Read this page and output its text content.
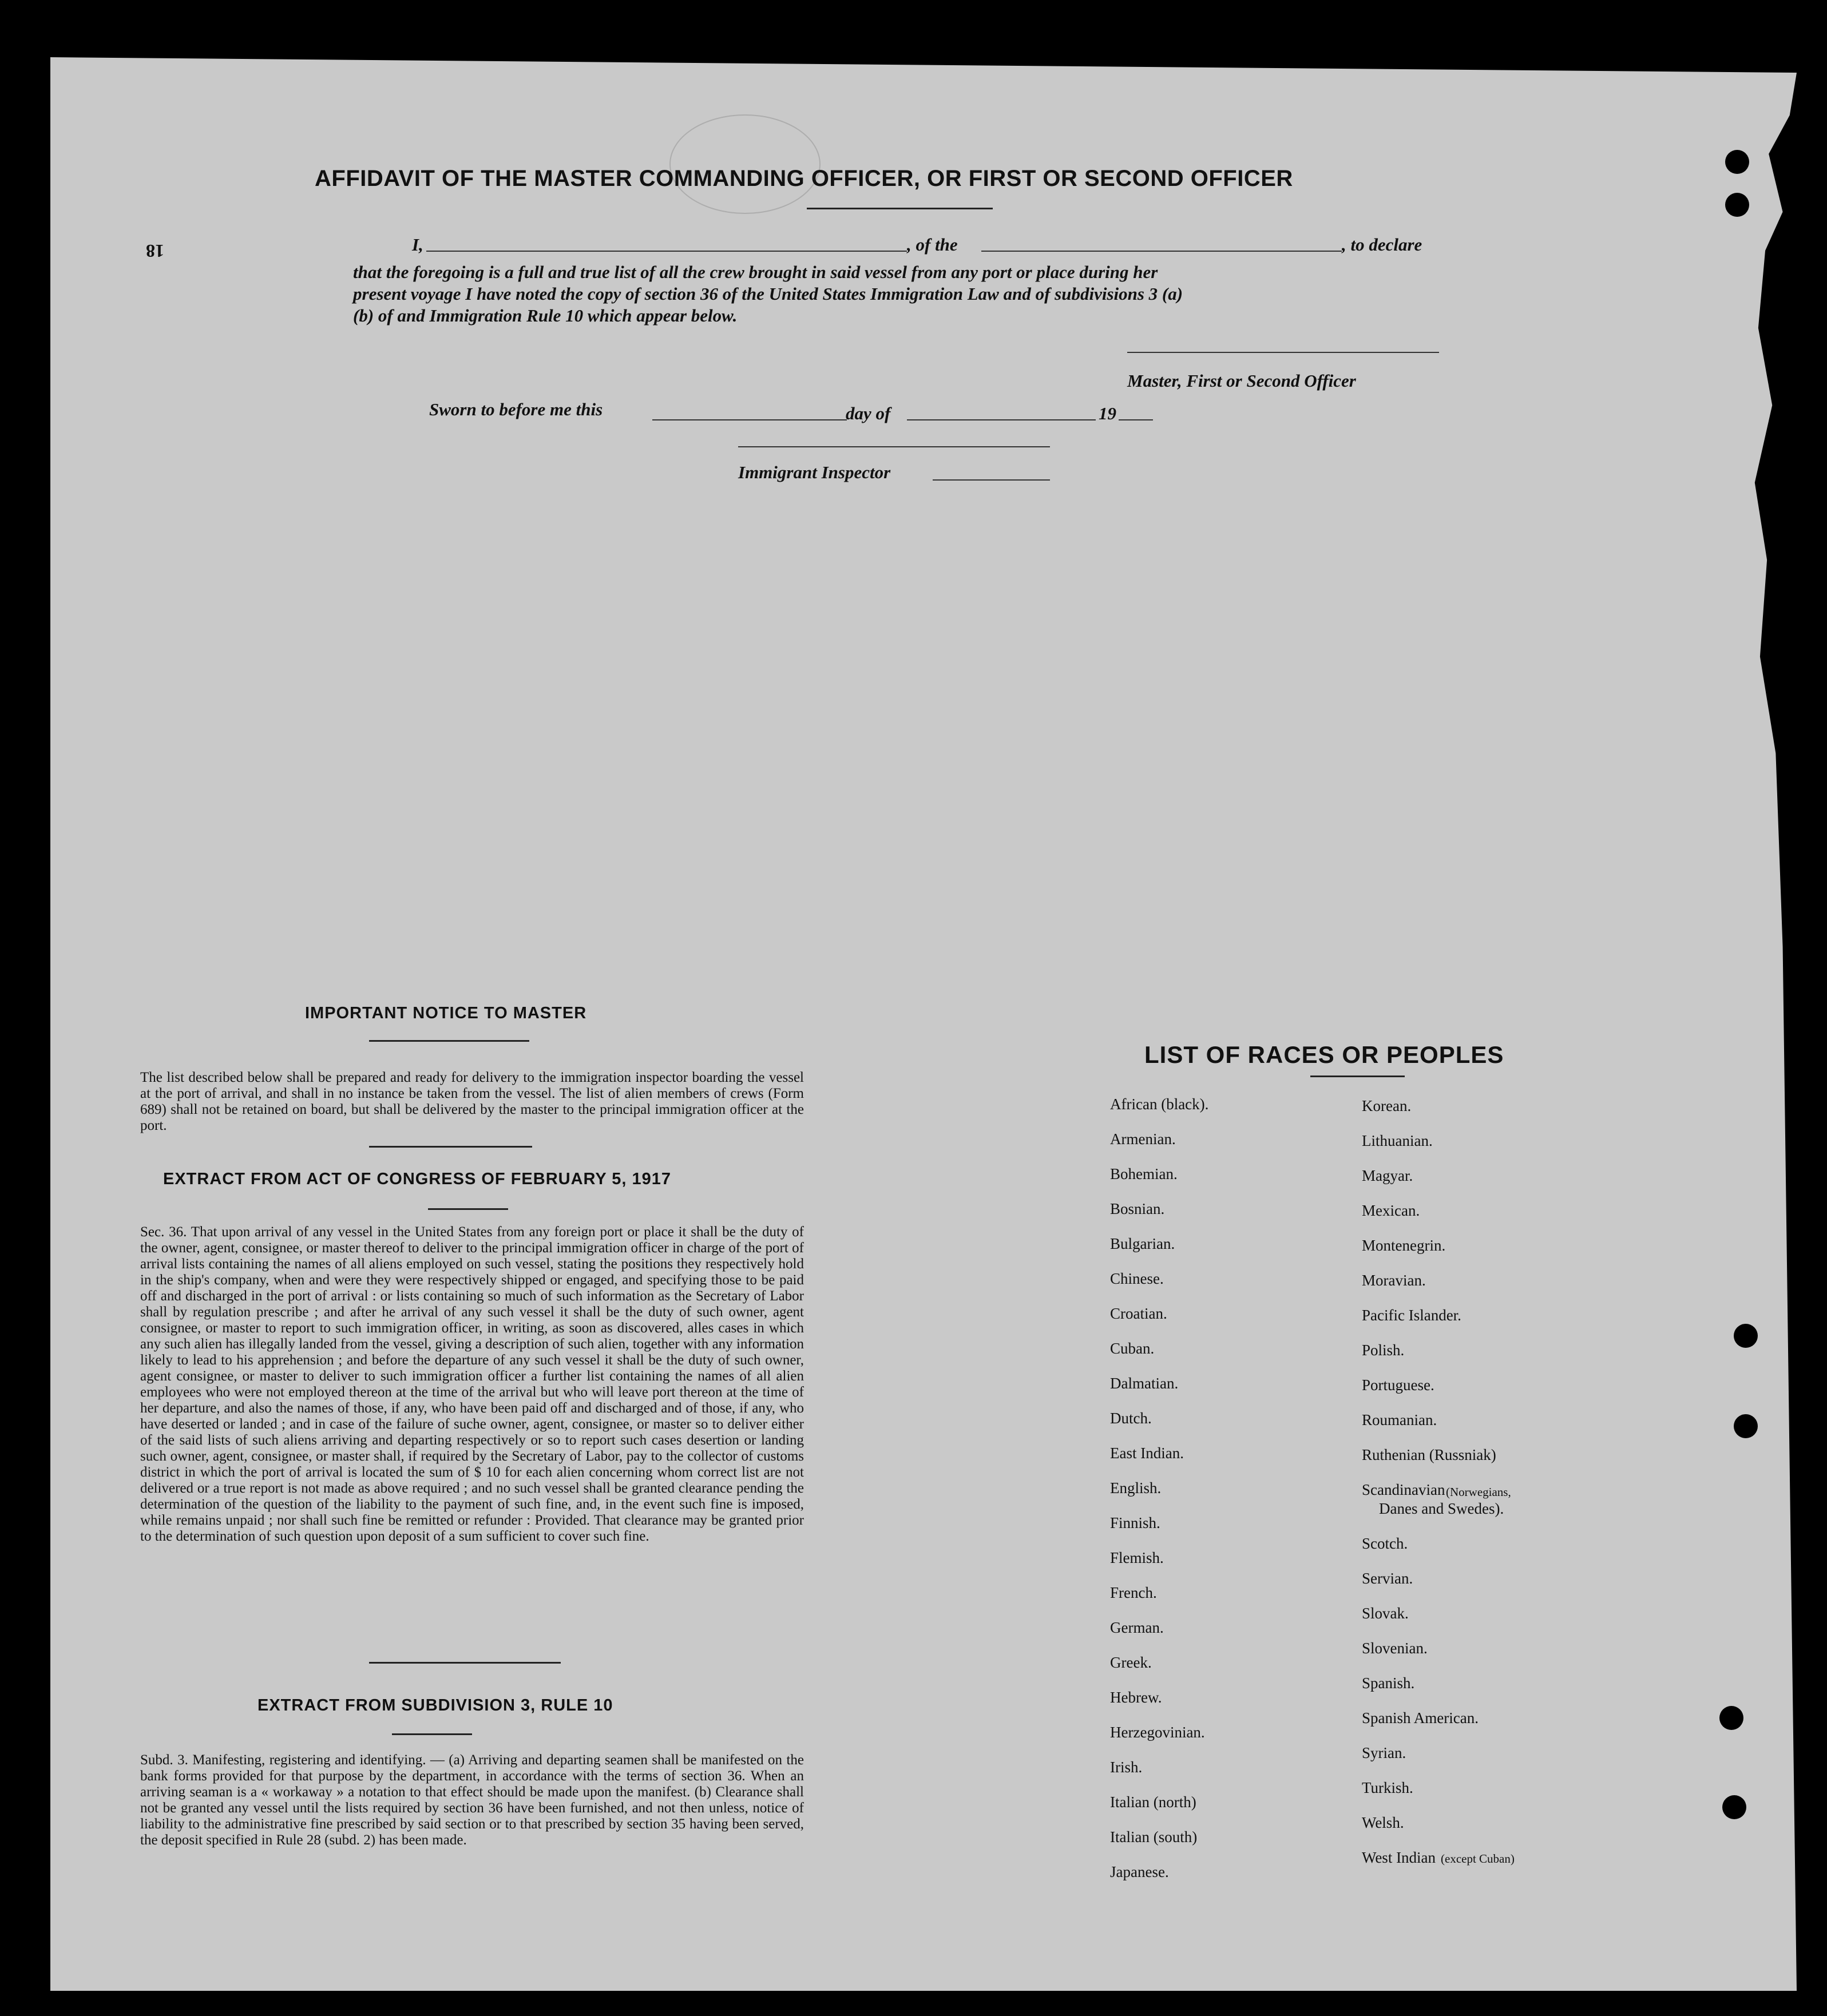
18
AFFIDAVIT OF THE MASTER COMMANDING OFFICER, OR FIRST OR SECOND OFFICER
I,	, of the	, to declare
that the foregoing is a full and true list of all the crew brought in said vessel from any port or place during her
present voyage I have noted the copy of section 36 of the United States Immigration Law and of subdivisions 3 (a)
(b) of and Immigration Rule 10 which appear below.
Master, First or Second Officer
Sworn to before me this	day of	19
Immigrant Inspector
IMPORTANT NOTICE TO MASTER
The list described below shall be prepared and ready for delivery to the immigration inspector boarding the vessel at the port of arrival, and shall in no instance be taken from the vessel. The list of alien members of crews (Form 689) shall not be retained on board, but shall be delivered by the master to the principal immigration officer at the port.
EXTRACT FROM ACT OF CONGRESS OF FEBRUARY 5, 1917
Sec. 36. That upon arrival of any vessel in the United States from any foreign port or place it shall be the duty of the owner, agent, consignee, or master thereof to deliver to the principal immigration officer in charge of the port of arrival lists containing the names of all aliens employed on such vessel, stating the positions they respectively hold in the ship's company, when and were they were respectively shipped or engaged, and specifying those to be paid off and discharged in the port of arrival : or lists containing so much of such information as the Secretary of Labor shall by regulation prescribe ; and after he arrival of any such vessel it shall be the duty of such owner, agent consignee, or master to report to such immigration officer, in writing, as soon as discovered, alles cases in which any such alien has illegally landed from the vessel, giving a description of such alien, together with any information likely to lead to his apprehension ; and before the departure of any such vessel it shall be the duty of such owner, agent consignee, or master to deliver to such immigration officer a further list containing the names of all alien employees who were not employed thereon at the time of the arrival but who will leave port thereon at the time of her departure, and also the names of those, if any, who have been paid off and discharged and of those, if any, who have deserted or landed ; and in case of the failure of suche owner, agent, consignee, or master so to deliver either of the said lists of such aliens arriving and departing respectively or so to report such cases desertion or landing such owner, agent, consignee, or master shall, if required by the Secretary of Labor, pay to the collector of customs district in which the port of arrival is located the sum of $ 10 for each alien concerning whom correct list are not delivered or a true report is not made as above required ; and no such vessel shall be granted clearance pending the determination of the question of the liability to the payment of such fine, and, in the event such fine is imposed, while remains unpaid ; nor shall such fine be remitted or refunder : Provided. That clearance may be granted prior to the determination of such question upon deposit of a sum sufficient to cover such fine.
EXTRACT FROM SUBDIVISION 3, RULE 10
Subd. 3. Manifesting, registering and identifying. — (a) Arriving and departing seamen shall be manifested on the bank forms provided for that purpose by the department, in accordance with the terms of section 36. When an arriving seaman is a « workaway » a notation to that effect should be made upon the manifest. (b) Clearance shall not be granted any vessel until the lists required by section 36 have been furnished, and not then unless, notice of liability to the administrative fine prescribed by said section or to that prescribed by section 35 having been served, the deposit specified in Rule 28 (subd. 2) has been made.
LIST OF RACES OR PEOPLES
African (black).
Armenian.
Bohemian.
Bosnian.
Bulgarian.
Chinese.
Croatian.
Cuban.
Dalmatian.
Dutch.
East Indian.
English.
Finnish.
Flemish.
French.
German.
Greek.
Hebrew.
Herzegovinian.
Irish.
Italian (north)
Italian (south)
Japanese.
Korean.
Lithuanian.
Magyar.
Mexican.
Montenegrin.
Moravian.
Pacific Islander.
Polish.
Portuguese.
Roumanian.
Ruthenian (Russniak)
Scandinavian
Scotch.
Servian.
Slovak.
Slovenian.
Spanish.
Spanish American.
Syrian.
Turkish.
Welsh.
West Indian
(Norwegians,
Danes and Swedes).
(except Cuban)
